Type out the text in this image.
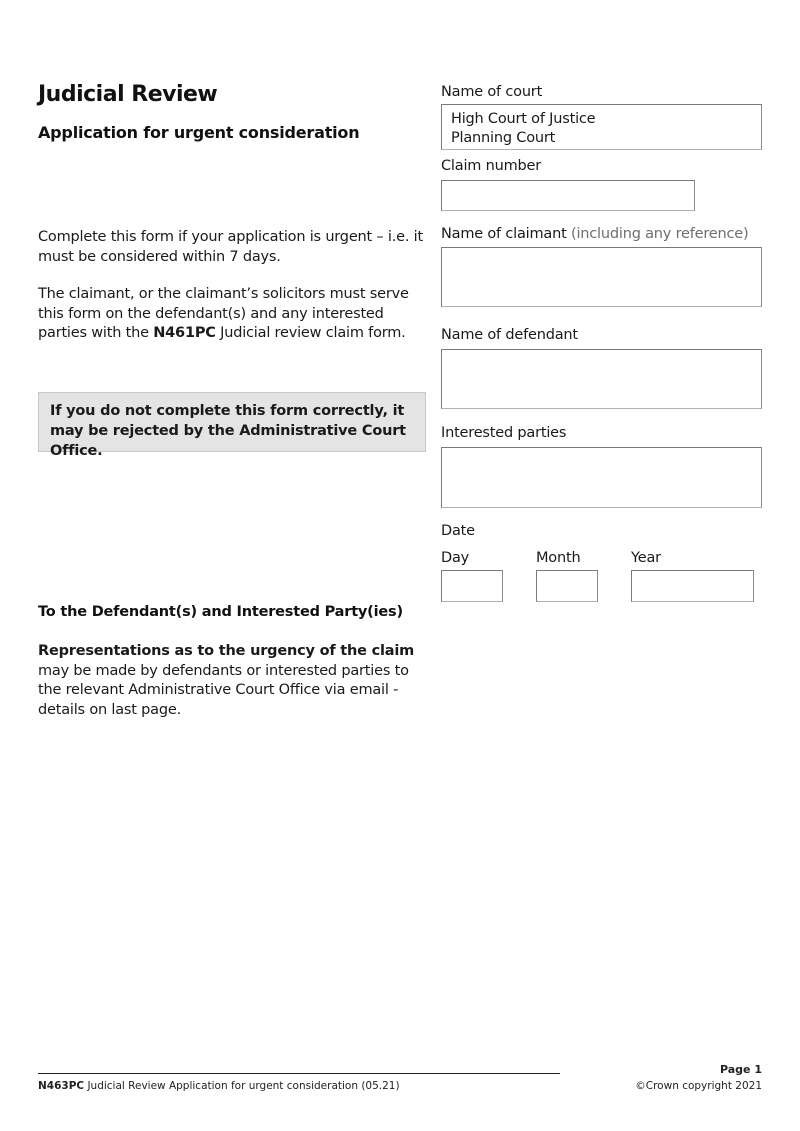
Judicial Review
Application for urgent consideration

Complete this form if your application is urgent – i.e. it must be considered within 7 days.

The claimant, or the claimant’s solicitors must serve this form on the defendant(s) and any interested parties with the N461PC Judicial review claim form.

If you do not complete this form correctly, it may be rejected by the Administrative Court Office.
To the Defendant(s) and Interested Party(ies)

Representations as to the urgency of the claim may be made by defendants or interested parties to the relevant Administrative Court Office via email - details on last page.

Name of court
High Court of Justice
Planning Court
Claim number
Name of claimant (including any reference)
Name of defendant
Interested parties
Date
Day	Month	Year
N463PC Judicial Review Application for urgent consideration (05.21)
Page 1
©Crown copyright 2021
